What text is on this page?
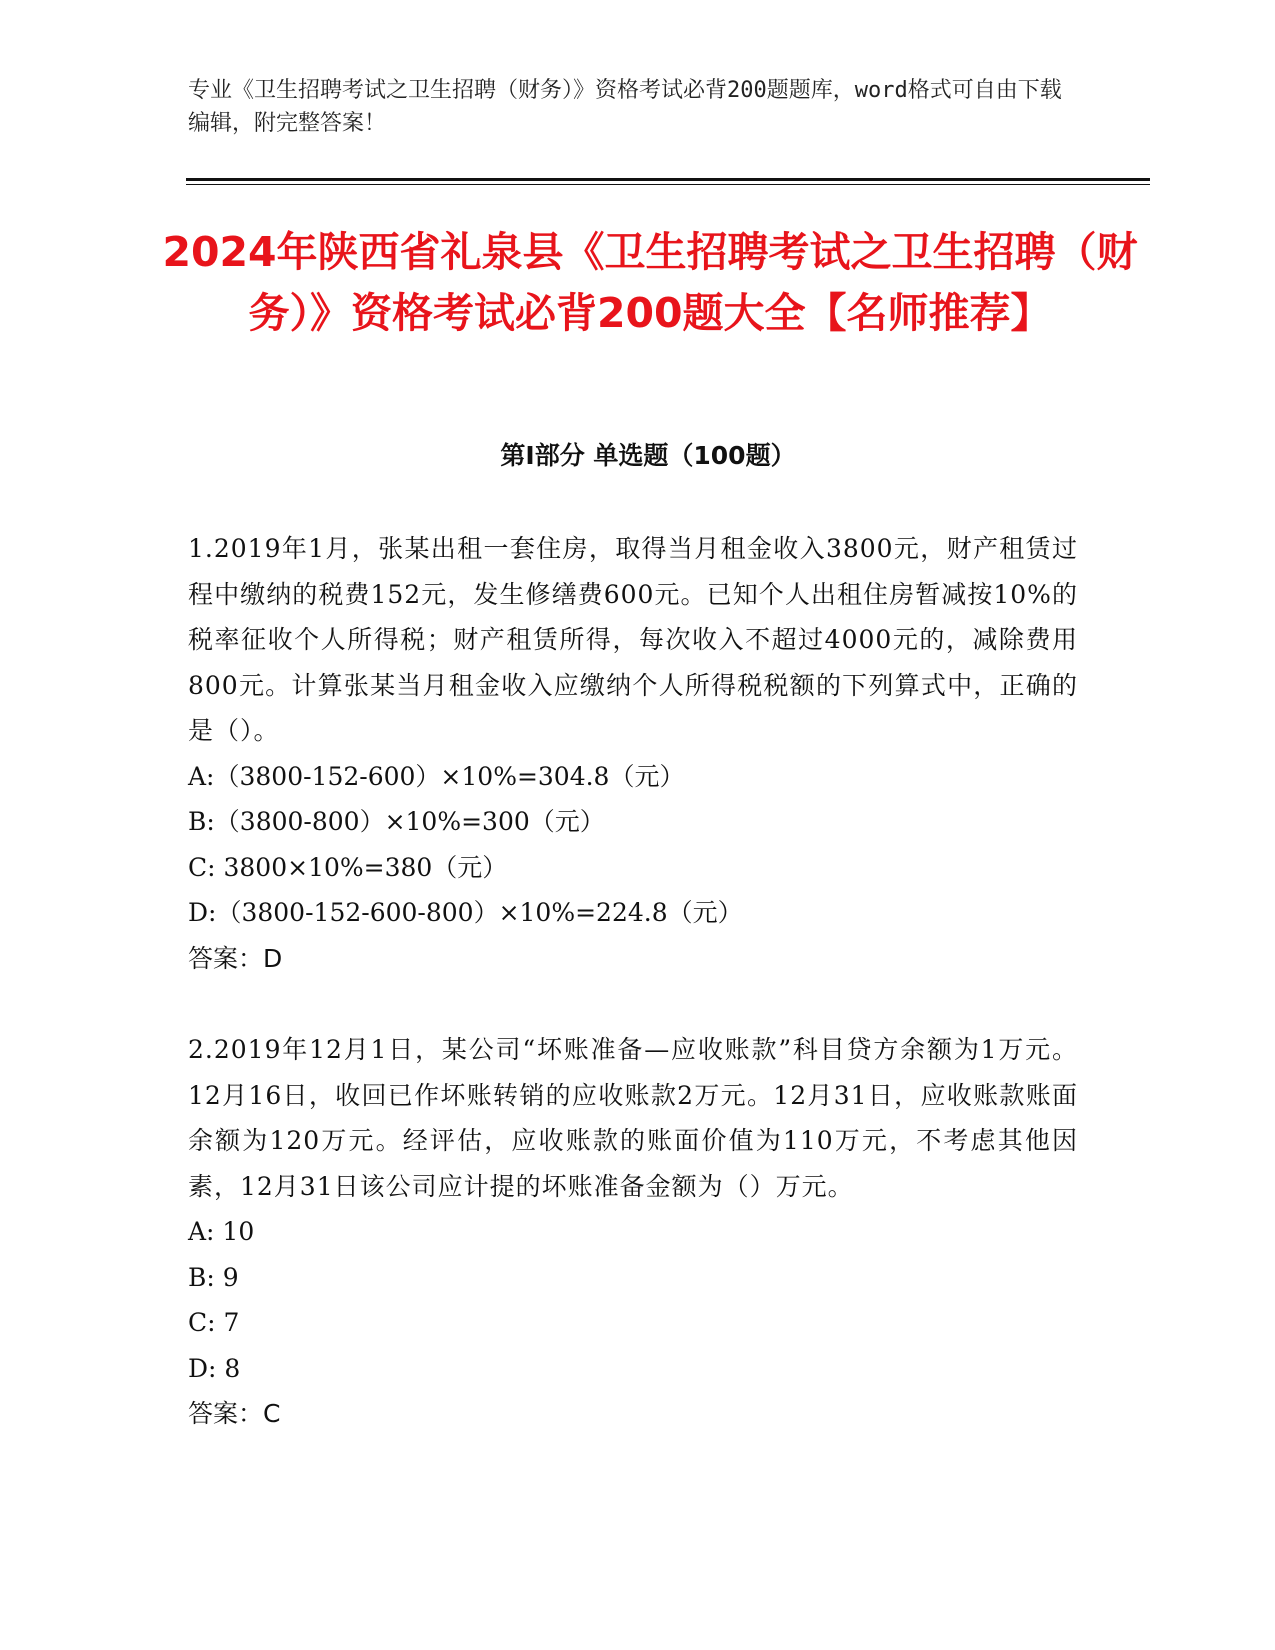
专业《卫生招聘考试之卫生招聘（财务）》资格考试必背200题题库，word格式可自由下载编辑，附完整答案！
2024年陕西省礼泉县《卫生招聘考试之卫生招聘（财务）》资格考试必背200题大全【名师推荐】
第Ⅰ部分 单选题（100题）

1.2019年1月，张某出租一套住房，取得当月租金收入3800元，财产租赁过程中缴纳的税费152元，发生修缮费600元。已知个人出租住房暂减按10%的税率征收个人所得税；财产租赁所得，每次收入不超过4000元的，减除费用800元。计算张某当月租金收入应缴纳个人所得税税额的下列算式中，正确的是（）。

A:（3800-152-600）×10%=304.8（元）

B:（3800-800）×10%=300（元）

C: 3800×10%=380（元）

D:（3800-152-600-800）×10%=224.8（元）

答案：D

2.2019年12月1日，某公司“坏账准备—应收账款”科目贷方余额为1万元。12月16日，收回已作坏账转销的应收账款2万元。12月31日，应收账款账面余额为120万元。经评估，应收账款的账面价值为110万元，不考虑其他因素，12月31日该公司应计提的坏账准备金额为（）万元。

A: 10

B: 9

C: 7

D: 8

答案：C
